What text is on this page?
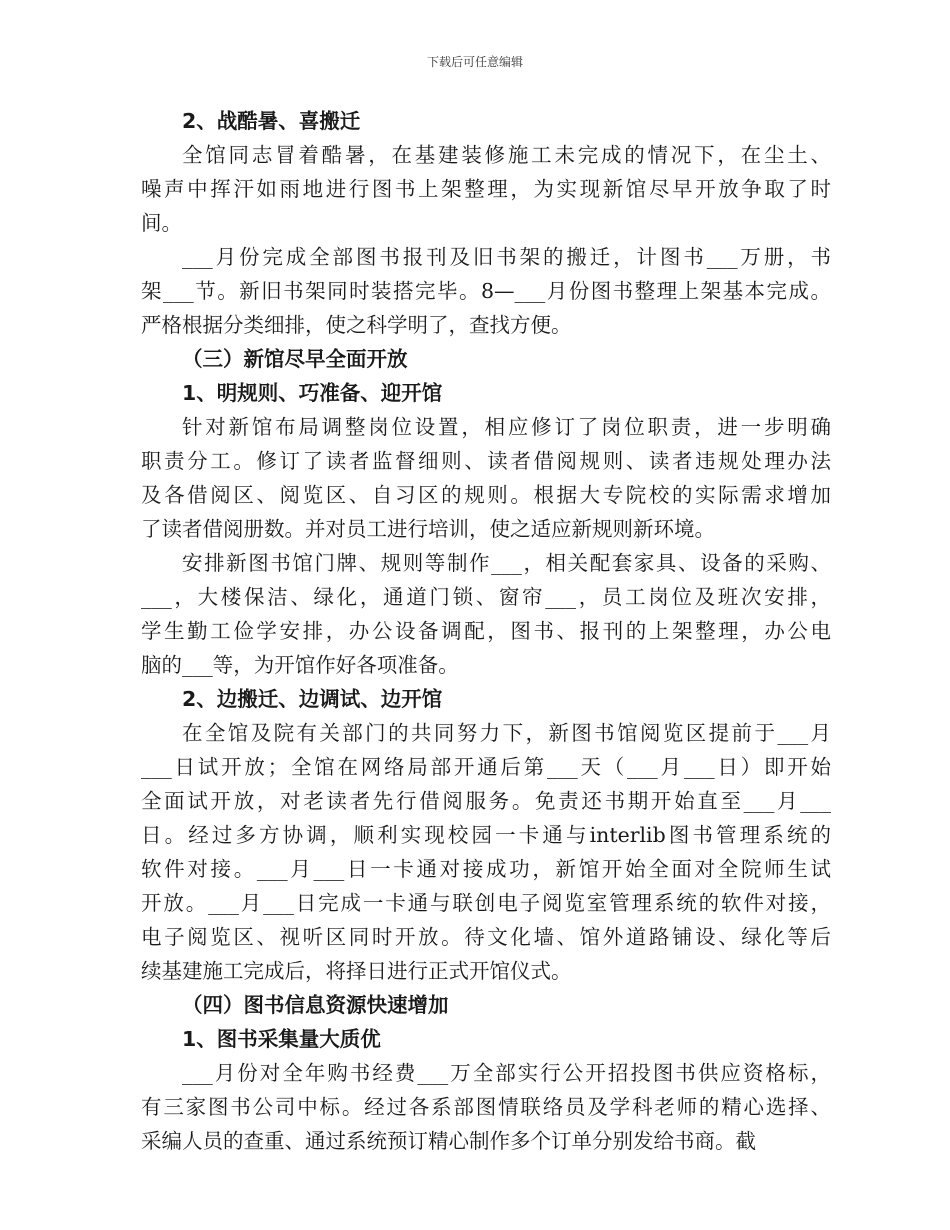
下载后可任意编辑
2、战酷暑、喜搬迁
全馆同志冒着酷暑，在基建装修施工未完成的情况下，在尘土、
噪声中挥汗如雨地进行图书上架整理，为实现新馆尽早开放争取了时
间。
___月份完成全部图书报刊及旧书架的搬迁，计图书___万册，书
架___节。新旧书架同时装搭完毕。8—___月份图书整理上架基本完成。
严格根据分类细排，使之科学明了，查找方便。
（三）新馆尽早全面开放
1、明规则、巧准备、迎开馆
针对新馆布局调整岗位设置，相应修订了岗位职责，进一步明确
职责分工。修订了读者监督细则、读者借阅规则、读者违规处理办法
及各借阅区、阅览区、自习区的规则。根据大专院校的实际需求增加
了读者借阅册数。并对员工进行培训，使之适应新规则新环境。
安排新图书馆门牌、规则等制作___，相关配套家具、设备的采购、
___，大楼保洁、绿化，通道门锁、窗帘___，员工岗位及班次安排，
学生勤工俭学安排，办公设备调配，图书、报刊的上架整理，办公电
脑的___等，为开馆作好各项准备。
2、边搬迁、边调试、边开馆
在全馆及院有关部门的共同努力下，新图书馆阅览区提前于___月
___日试开放；全馆在网络局部开通后第___天（___月___日）即开始
全面试开放，对老读者先行借阅服务。免责还书期开始直至___月___
日。经过多方协调，顺利实现校园一卡通与interlib图书管理系统的
软件对接。___月___日一卡通对接成功，新馆开始全面对全院师生试
开放。___月___日完成一卡通与联创电子阅览室管理系统的软件对接，
电子阅览区、视听区同时开放。待文化墙、馆外道路铺设、绿化等后
续基建施工完成后，将择日进行正式开馆仪式。
（四）图书信息资源快速增加
1、图书采集量大质优
___月份对全年购书经费___万全部实行公开招投图书供应资格标，
有三家图书公司中标。经过各系部图情联络员及学科老师的精心选择、
采编人员的查重、通过系统预订精心制作多个订单分别发给书商。截
